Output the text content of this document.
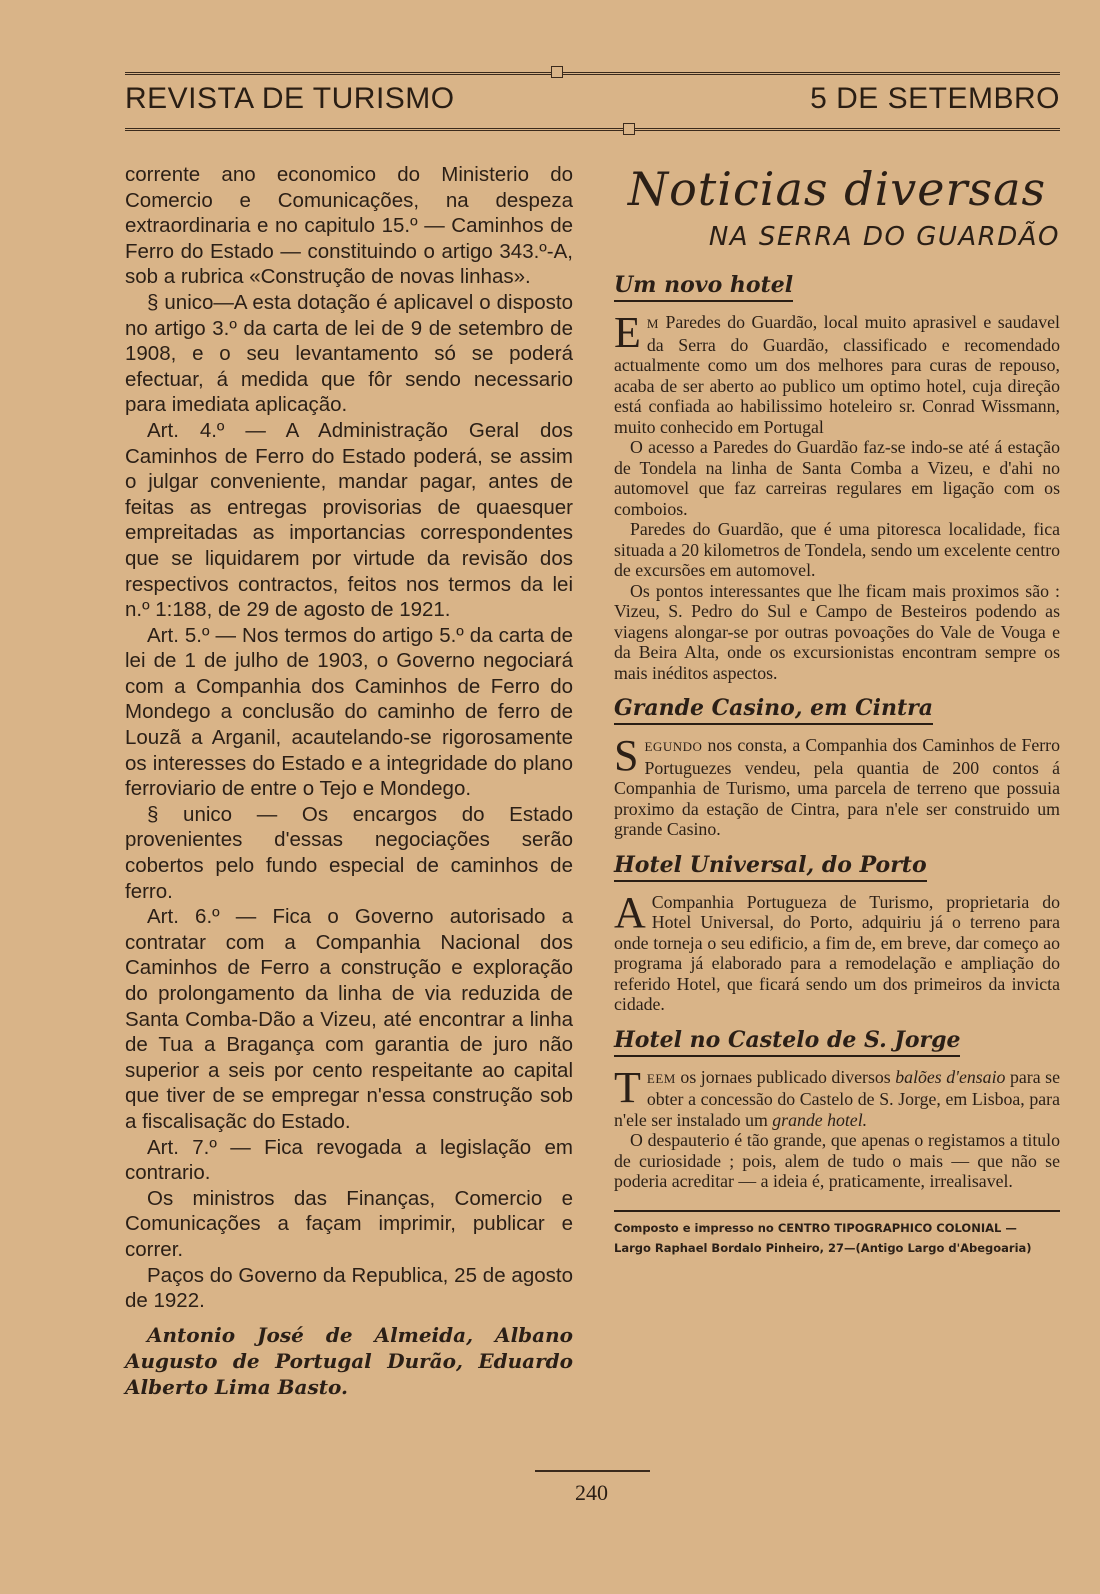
REVISTA DE TURISMO	5 DE SETEMBRO

corrente ano economico do Ministerio do Comercio e Comunicações, na despeza extraordinaria e no capitulo 15.º — Caminhos de Ferro do Estado — constituindo o artigo 343.º-A, sob a rubrica «Construção de novas linhas».

§ unico—A esta dotação é aplicavel o disposto no artigo 3.º da carta de lei de 9 de setembro de 1908, e o seu levantamento só se poderá efectuar, á medida que fôr sendo necessario para imediata aplicação.

Art. 4.º — A Administração Geral dos Caminhos de Ferro do Estado poderá, se assim o julgar conveniente, mandar pagar, antes de feitas as entregas provisorias de quaesquer empreitadas as importancias correspondentes que se liquidarem por virtude da revisão dos respectivos contractos, feitos nos termos da lei n.º 1:188, de 29 de agosto de 1921.

Art. 5.º — Nos termos do artigo 5.º da carta de lei de 1 de julho de 1903, o Governo negociará com a Companhia dos Caminhos de Ferro do Mondego a conclusão do caminho de ferro de Louzã a Arganil, acautelando-se rigorosamente os interesses do Estado e a integridade do plano ferroviario de entre o Tejo e Mondego.

§ unico — Os encargos do Estado provenientes d'essas negociações serão cobertos pelo fundo especial de caminhos de ferro.

Art. 6.º — Fica o Governo autorisado a contratar com a Companhia Nacional dos Caminhos de Ferro a construção e exploração do prolongamento da linha de via reduzida de Santa Comba-Dão a Vizeu, até encontrar a linha de Tua a Bragança com garantia de juro não superior a seis por cento respeitante ao capital que tiver de se empregar n'essa construção sob a fiscalisaçãc do Estado.

Art. 7.º — Fica revogada a legislação em contrario.

Os ministros das Finanças, Comercio e Comunicações a façam imprimir, publicar e correr.

Paços do Governo da Republica, 25 de agosto de 1922.

Antonio José de Almeida, Albano Augusto de Portugal Durão, Eduardo Alberto Lima Basto.

Noticias diversas
NA SERRA DO GUARDÃO
Um novo hotel

E M Paredes do Guardão, local muito aprasivel e saudavel da Serra do Guardão, classificado e recomendado actualmente como um dos melhores para curas de repouso, acaba de ser aberto ao publico um optimo hotel, cuja direção está confiada ao habilissimo hoteleiro sr. Conrad Wissmann, muito conhecido em Portugal

O acesso a Paredes do Guardão faz-se indo-se até á estação de Tondela na linha de Santa Comba a Vizeu, e d'ahi no automovel que faz carreiras regulares em ligação com os comboios.

Paredes do Guardão, que é uma pitoresca localidade, fica situada a 20 kilometros de Tondela, sendo um excelente centro de excursões em automovel.

Os pontos interessantes que lhe ficam mais proximos são : Vizeu, S. Pedro do Sul e Campo de Besteiros podendo as viagens alongar-se por outras povoações do Vale de Vouga e da Beira Alta, onde os excursionistas encontram sempre os mais inéditos aspectos.

Grande Casino, em Cintra

SEGUNDO nos consta, a Companhia dos Caminhos de Ferro Portuguezes vendeu, pela quantia de 200 contos á Companhia de Turismo, uma parcela de terreno que possuia proximo da estação de Cintra, para n'ele ser construido um grande Casino.

Hotel Universal, do Porto

A Companhia Portugueza de Turismo, proprietaria do Hotel Universal, do Porto, adquiriu já o terreno para onde torneja o seu edificio, a fim de, em breve, dar começo ao programa já elaborado para a remodelação e ampliação do referido Hotel, que ficará sendo um dos primeiros da invicta cidade.

Hotel no Castelo de S. Jorge

TEEM os jornaes publicado diversos balões d'ensaio para se obter a concessão do Castelo de S. Jorge, em Lisboa, para n'ele ser instalado um grande hotel.

O despauterio é tão grande, que apenas o registamos a titulo de curiosidade ; pois, alem de tudo o mais — que não se poderia acreditar — a ideia é, praticamente, irrealisavel.

Composto e impresso no CENTRO TIPOGRAPHICO COLONIAL —

Largo Raphael Bordalo Pinheiro, 27—(Antigo Largo d'Abegoaria)

240
